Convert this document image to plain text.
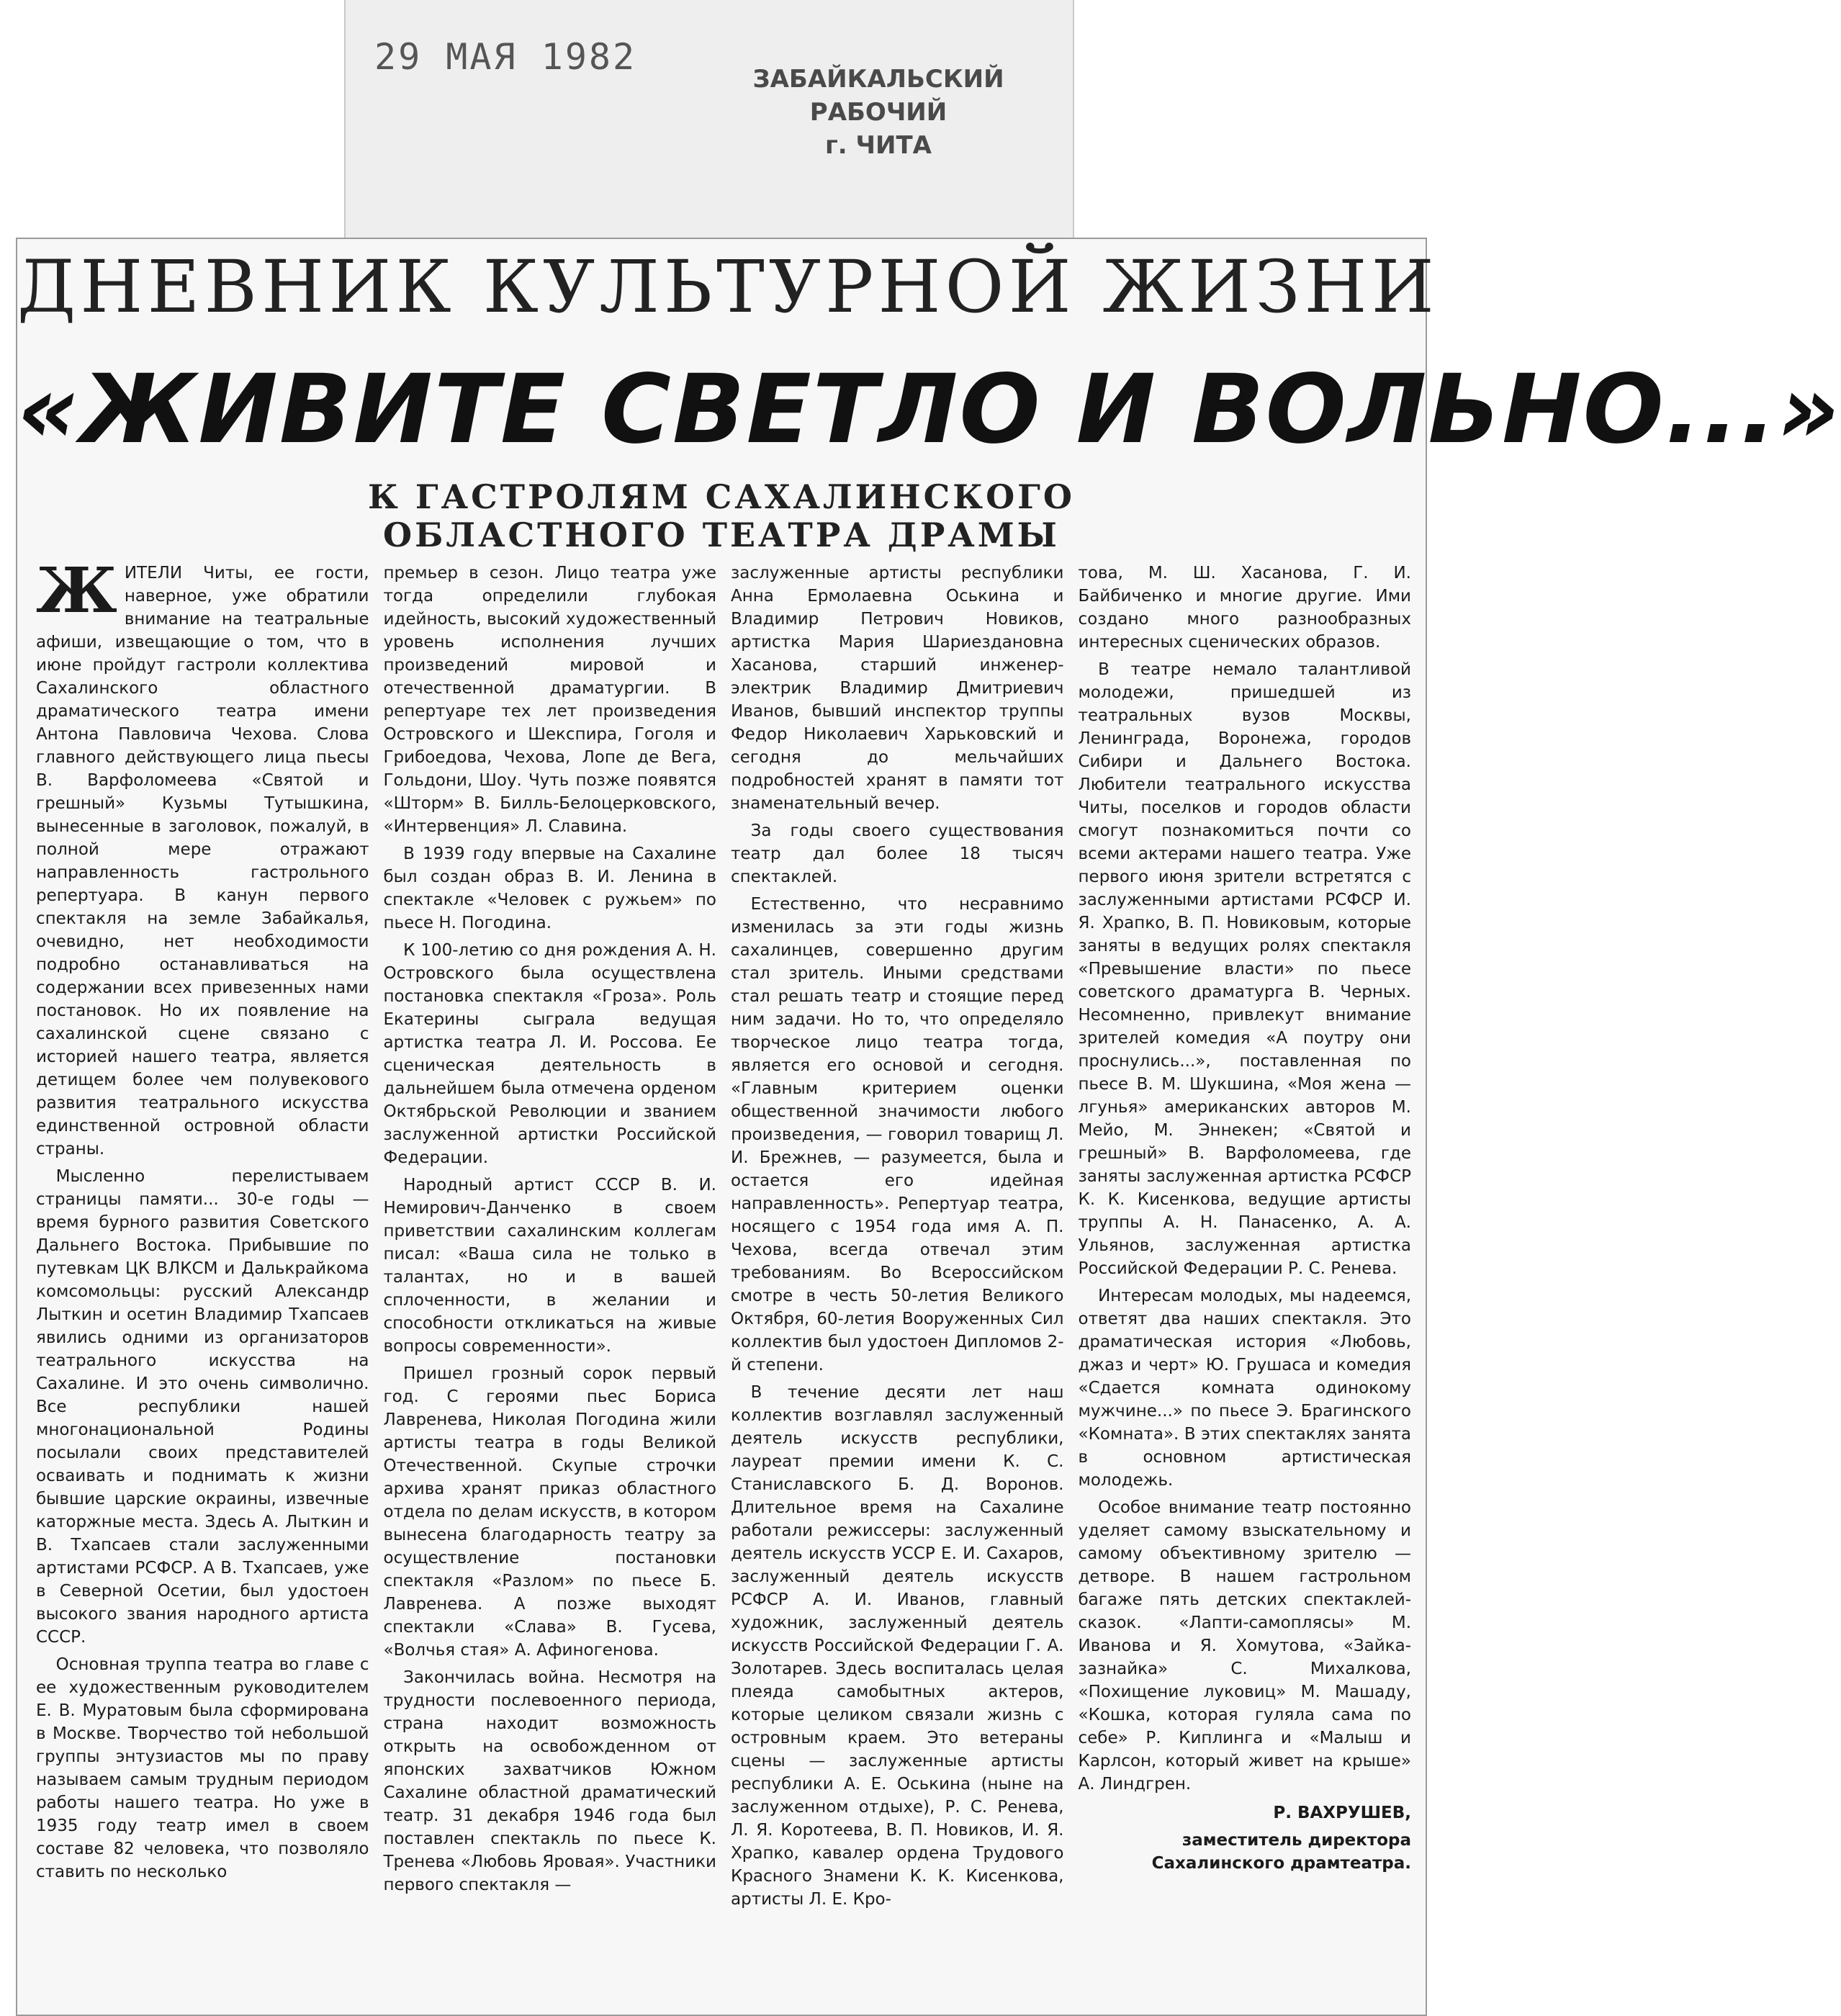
29 МАЯ 1982
ЗАБАЙКАЛЬСКИЙ РАБОЧИЙ
г. ЧИТА
ДНЕВНИК КУЛЬТУРНОЙ ЖИЗНИ
«ЖИВИТЕ СВЕТЛО И ВОЛЬНО...»
К ГАСТРОЛЯМ САХАЛИНСКОГО
ОБЛАСТНОГО ТЕАТРА ДРАМЫ

ЖИТЕЛИ Читы, ее гости, наверное, уже обратили внимание на театральные афиши, извещающие о том, что в июне пройдут гастроли коллектива Сахалинского областного драматического театра имени Антона Павловича Чехова. Слова главного действующего лица пьесы В. Варфоломеева «Святой и грешный» Кузьмы Тутышкина, вынесенные в заголовок, пожалуй, в полной мере отражают направленность гастрольного репертуара. В канун первого спектакля на земле Забайкалья, очевидно, нет необходимости подробно останавливаться на содержании всех привезенных нами постановок. Но их появление на сахалинской сцене связано с историей нашего театра, является детищем более чем полувекового развития театрального искусства единственной островной области страны.

Мысленно перелистываем страницы памяти... 30-е годы — время бурного развития Советского Дальнего Востока. Прибывшие по путевкам ЦК ВЛКСМ и Далькрайкома комсомольцы: русский Александр Лыткин и осетин Владимир Тхапсаев явились одними из организаторов театрального искусства на Сахалине. И это очень символично. Все республики нашей многонациональной Родины посылали своих представителей осваивать и поднимать к жизни бывшие царские окраины, извечные каторжные места. Здесь А. Лыткин и В. Тхапсаев стали заслуженными артистами РСФСР. А В. Тхапсаев, уже в Северной Осетии, был удостоен высокого звания народного артиста СССР.

Основная труппа театра во главе с ее художественным руководителем Е. В. Муратовым была сформирована в Москве. Творчество той небольшой группы энтузиастов мы по праву называем самым трудным периодом работы нашего театра. Но уже в 1935 году театр имел в своем составе 82 человека, что позволяло ставить по несколько

премьер в сезон. Лицо театра уже тогда определили глубокая идейность, высокий художественный уровень исполнения лучших произведений мировой и отечественной драматургии. В репертуаре тех лет произведения Островского и Шекспира, Гоголя и Грибоедова, Чехова, Лопе де Вега, Гольдони, Шоу. Чуть позже появятся «Шторм» В. Билль-Белоцерковского, «Интервенция» Л. Славина.

В 1939 году впервые на Сахалине был создан образ В. И. Ленина в спектакле «Человек с ружьем» по пьесе Н. Погодина.

К 100-летию со дня рождения А. Н. Островского была осуществлена постановка спектакля «Гроза». Роль Екатерины сыграла ведущая артистка театра Л. И. Россова. Ее сценическая деятельность в дальнейшем была отмечена орденом Октябрьской Революции и званием заслуженной артистки Российской Федерации.

Народный артист СССР В. И. Немирович-Данченко в своем приветствии сахалинским коллегам писал: «Ваша сила не только в талантах, но и в вашей сплоченности, в желании и способности откликаться на живые вопросы современности».

Пришел грозный сорок первый год. С героями пьес Бориса Лавренева, Николая Погодина жили артисты театра в годы Великой Отечественной. Скупые строчки архива хранят приказ областного отдела по делам искусств, в котором вынесена благодарность театру за осуществление постановки спектакля «Разлом» по пьесе Б. Лавренева. А позже выходят спектакли «Слава» В. Гусева, «Волчья стая» А. Афиногенова.

Закончилась война. Несмотря на трудности послевоенного периода, страна находит возможность открыть на освобожденном от японских захватчиков Южном Сахалине областной драматический театр. 31 декабря 1946 года был поставлен спектакль по пьесе К. Тренева «Любовь Яровая». Участники первого спектакля —

заслуженные артисты республики Анна Ермолаевна Оськина и Владимир Петрович Новиков, артистка Мария Шариездановна Хасанова, старший инженер-электрик Владимир Дмитриевич Иванов, бывший инспектор труппы Федор Николаевич Харьковский и сегодня до мельчайших подробностей хранят в памяти тот знаменательный вечер.

За годы своего существования театр дал более 18 тысяч спектаклей.

Естественно, что несравнимо изменилась за эти годы жизнь сахалинцев, совершенно другим стал зритель. Иными средствами стал решать театр и стоящие перед ним задачи. Но то, что определяло творческое лицо театра тогда, является его основой и сегодня. «Главным критерием оценки общественной значимости любого произведения, — говорил товарищ Л. И. Брежнев, — разумеется, была и остается его идейная направленность». Репертуар театра, носящего с 1954 года имя А. П. Чехова, всегда отвечал этим требованиям. Во Всероссийском смотре в честь 50-летия Великого Октября, 60-летия Вооруженных Сил коллектив был удостоен Дипломов 2-й степени.

В течение десяти лет наш коллектив возглавлял заслуженный деятель искусств республики, лауреат премии имени К. С. Станиславского Б. Д. Воронов. Длительное время на Сахалине работали режиссеры: заслуженный деятель искусств УССР Е. И. Сахаров, заслуженный деятель искусств РСФСР А. И. Иванов, главный художник, заслуженный деятель искусств Российской Федерации Г. А. Золотарев. Здесь воспиталась целая плеяда самобытных актеров, которые целиком связали жизнь с островным краем. Это ветераны сцены — заслуженные артисты республики А. Е. Оськина (ныне на заслуженном отдыхе), Р. С. Ренева, Л. Я. Коротеева, В. П. Новиков, И. Я. Храпко, кавалер ордена Трудового Красного Знамени К. К. Кисенкова, артисты Л. Е. Кро-

това, М. Ш. Хасанова, Г. И. Байбиченко и многие другие. Ими создано много разнообразных интересных сценических образов.

В театре немало талантливой молодежи, пришедшей из театральных вузов Москвы, Ленинграда, Воронежа, городов Сибири и Дальнего Востока. Любители театрального искусства Читы, поселков и городов области смогут познакомиться почти со всеми актерами нашего театра. Уже первого июня зрители встретятся с заслуженными артистами РСФСР И. Я. Храпко, В. П. Новиковым, которые заняты в ведущих ролях спектакля «Превышение власти» по пьесе советского драматурга В. Черных. Несомненно, привлекут внимание зрителей комедия «А поутру они проснулись...», поставленная по пьесе В. М. Шукшина, «Моя жена — лгунья» американских авторов М. Мейо, М. Эннекен; «Святой и грешный» В. Варфоломеева, где заняты заслуженная артистка РСФСР К. К. Кисенкова, ведущие артисты труппы А. Н. Панасенко, А. А. Ульянов, заслуженная артистка Российской Федерации Р. С. Ренева.

Интересам молодых, мы надеемся, ответят два наших спектакля. Это драматическая история «Любовь, джаз и черт» Ю. Грушаса и комедия «Сдается комната одинокому мужчине...» по пьесе Э. Брагинского «Комната». В этих спектаклях занята в основном артистическая молодежь.

Особое внимание театр постоянно уделяет самому взыскательному и самому объективному зрителю — детворе. В нашем гастрольном багаже пять детских спектаклей-сказок. «Лапти-самоплясы» М. Иванова и Я. Хомутова, «Зайка-зазнайка» С. Михалкова, «Похищение луковиц» М. Машаду, «Кошка, которая гуляла сама по себе» Р. Киплинга и «Малыш и Карлсон, который живет на крыше» А. Линдгрен.

Р. ВАХРУШЕВ,

заместитель директора Сахалинского драмтеатра.
